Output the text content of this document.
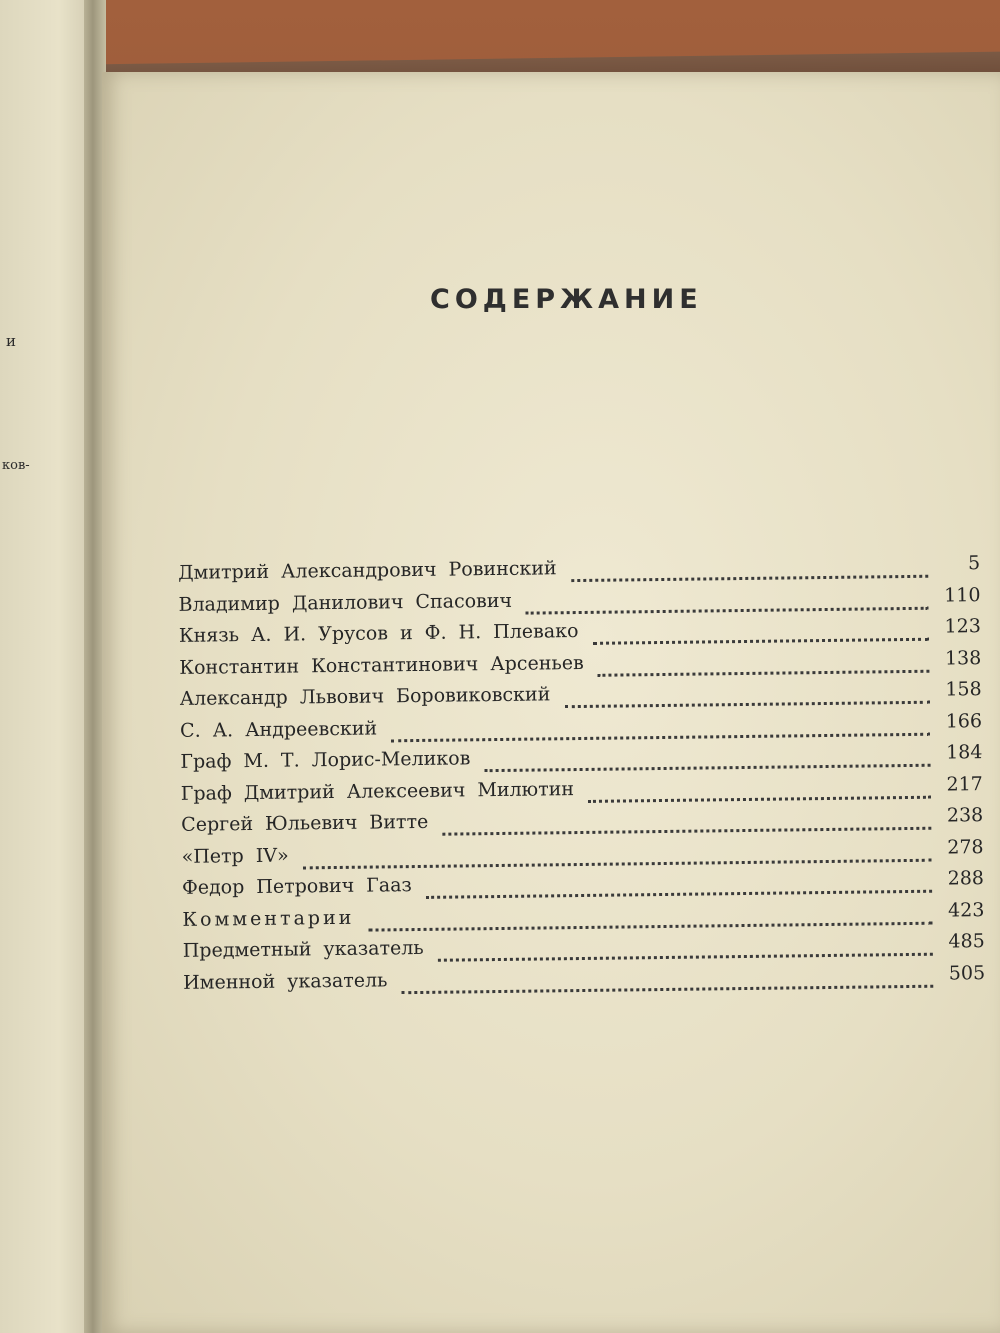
и
ков-
СОДЕРЖАНИЕ
Дмитрий Александрович Ровинский	5
Владимир Данилович Спасович	110
Князь А. И. Урусов и Ф. Н. Плевако	123
Константин Константинович Арсеньев	138
Александр Львович Боровиковский	158
С. А. Андреевский	166
Граф М. Т. Лорис-Меликов	184
Граф Дмитрий Алексеевич Милютин	217
Сергей Юльевич Витте	238
«Петр IV»	278
Федор Петрович Гааз	288
Комментарии	423
Предметный указатель	485
Именной указатель	505
